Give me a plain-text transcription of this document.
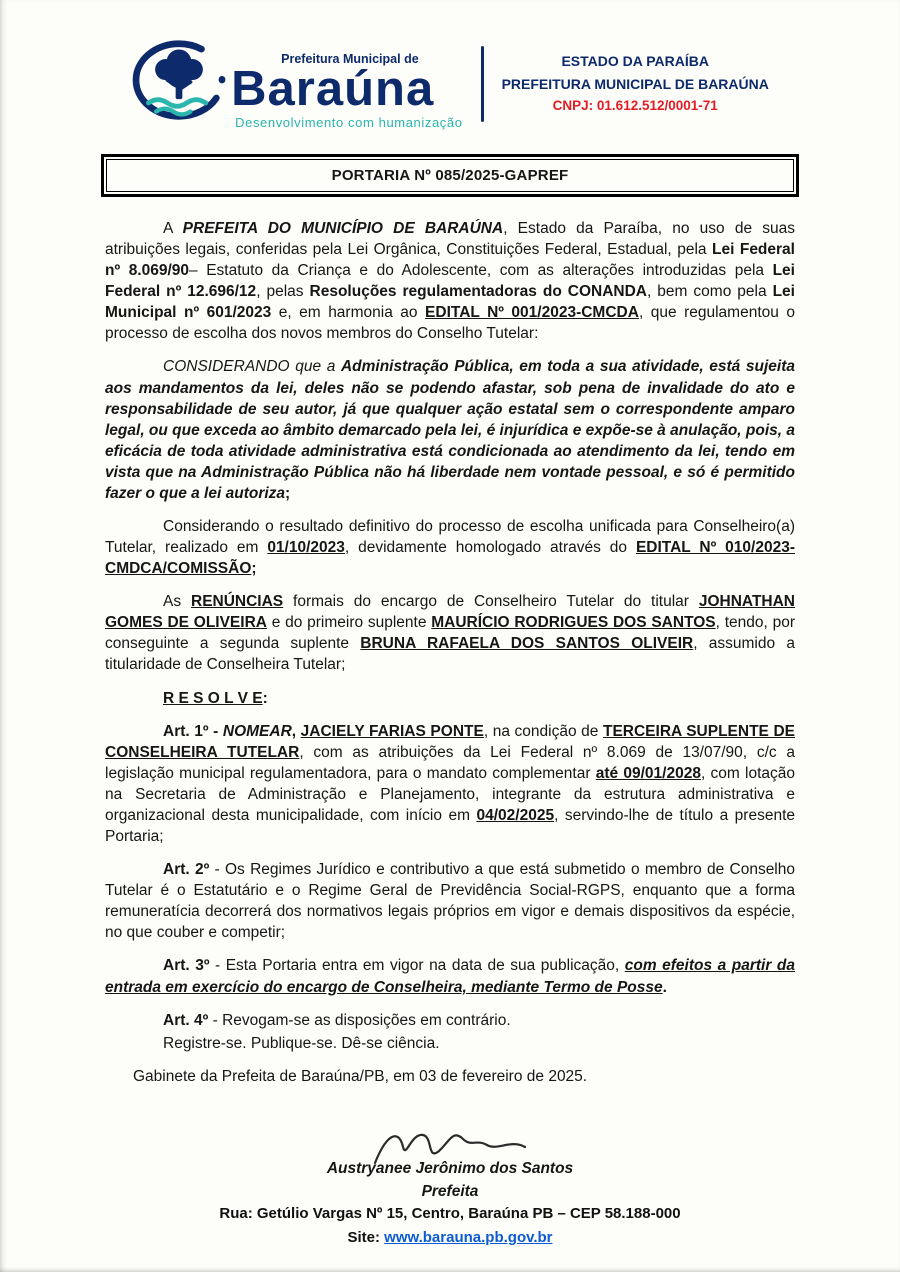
Prefeitura Municipal de
Baraúna
Desenvolvimento com humanização
ESTADO DA PARAÍBA
PREFEITURA MUNICIPAL DE BARAÚNA
CNPJ: 01.612.512/0001-71
PORTARIA Nº 085/2025-GAPREF

A PREFEITA DO MUNICÍPIO DE BARAÚNA, Estado da Paraíba, no uso de suas atribuições legais, conferidas pela Lei Orgânica, Constituições Federal, Estadual, pela Lei Federal nº 8.069/90– Estatuto da Criança e do Adolescente, com as alterações introduzidas pela Lei Federal nº 12.696/12, pelas Resoluções regulamentadoras do CONANDA, bem como pela Lei Municipal nº 601/2023 e, em harmonia ao EDITAL Nº 001/2023-CMCDA, que regulamentou o processo de escolha dos novos membros do Conselho Tutelar:

CONSIDERANDO que a Administração Pública, em toda a sua atividade, está sujeita aos mandamentos da lei, deles não se podendo afastar, sob pena de invalidade do ato e responsabilidade de seu autor, já que qualquer ação estatal sem o correspondente amparo legal, ou que exceda ao âmbito demarcado pela lei, é injurídica e expõe-se à anulação, pois, a eficácia de toda atividade administrativa está condicionada ao atendimento da lei, tendo em vista que na Administração Pública não há liberdade nem vontade pessoal, e só é permitido fazer o que a lei autoriza;

Considerando o resultado definitivo do processo de escolha unificada para Conselheiro(a) Tutelar, realizado em 01/10/2023, devidamente homologado através do EDITAL Nº 010/2023-CMDCA/COMISSÃO;

As RENÚNCIAS formais do encargo de Conselheiro Tutelar do titular JOHNATHAN GOMES DE OLIVEIRA e do primeiro suplente MAURÍCIO RODRIGUES DOS SANTOS, tendo, por conseguinte a segunda suplente BRUNA RAFAELA DOS SANTOS OLIVEIR, assumido a titularidade de Conselheira Tutelar;

R E S O L V E:

Art. 1º - NOMEAR, JACIELY FARIAS PONTE, na condição de TERCEIRA SUPLENTE DE CONSELHEIRA TUTELAR, com as atribuições da Lei Federal nº 8.069 de 13/07/90, c/c a legislação municipal regulamentadora, para o mandato complementar até 09/01/2028, com lotação na Secretaria de Administração e Planejamento, integrante da estrutura administrativa e organizacional desta municipalidade, com início em 04/02/2025, servindo-lhe de título a presente Portaria;

Art. 2º - Os Regimes Jurídico e contributivo a que está submetido o membro de Conselho Tutelar é o Estatutário e o Regime Geral de Previdência Social-RGPS, enquanto que a forma remuneratícia decorrerá dos normativos legais próprios em vigor e demais dispositivos da espécie, no que couber e competir;

Art. 3º - Esta Portaria entra em vigor na data de sua publicação, com efeitos a partir da entrada em exercício do encargo de Conselheira, mediante Termo de Posse.

Art. 4º - Revogam-se as disposições em contrário.

Registre-se. Publique-se. Dê-se ciência.

Gabinete da Prefeita de Baraúna/PB, em 03 de fevereiro de 2025.

Austryanee Jerônimo dos Santos
Prefeita
Rua: Getúlio Vargas Nº 15, Centro, Baraúna PB – CEP 58.188-000
Site: www.barauna.pb.gov.br
